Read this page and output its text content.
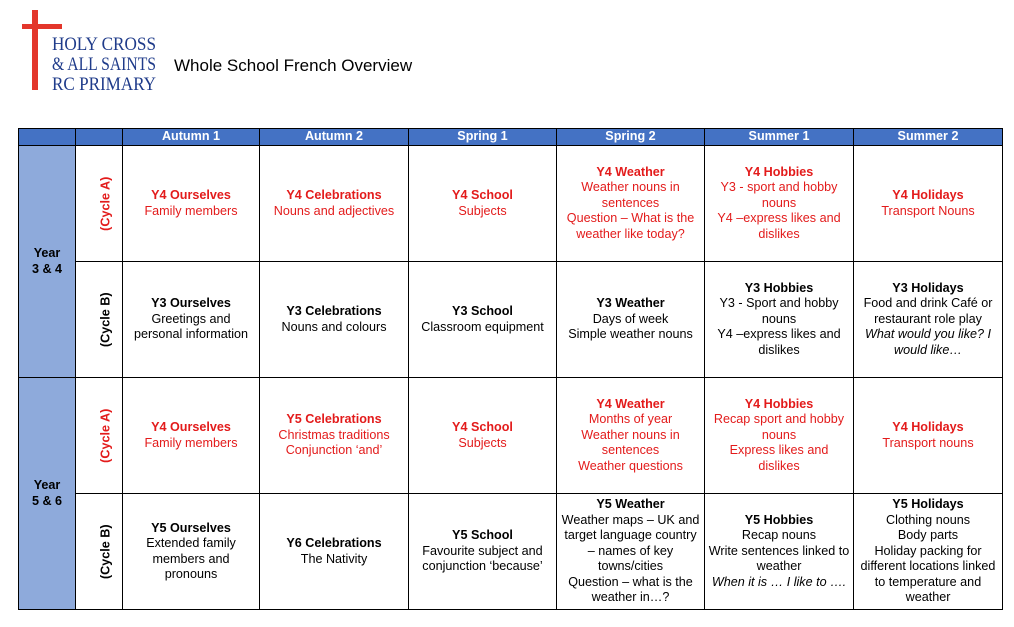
HOLY CROSS
& ALL SAINTS
RC PRIMARY
Whole School French Overview
		Autumn 1	Autumn 2	Spring 1	Spring 2	Summer 1	Summer 2

Year
3 & 4	(Cycle A)	Y4 Ourselves
Family members	Y4 Celebrations
Nouns and adjectives	Y4 School
Subjects	Y4 Weather
Weather nouns in sentences
Question – What is the weather like today?	Y4 Hobbies
Y3 - sport and hobby nouns
Y4 –express likes and dislikes	Y4 Holidays
Transport Nouns

	(Cycle B)	Y3 Ourselves
Greetings and personal information	Y3 Celebrations
Nouns and colours	Y3 School
Classroom equipment	Y3 Weather
Days of week
Simple weather nouns	Y3 Hobbies
Y3 - Sport and hobby nouns
Y4 –express likes and dislikes	Y3 Holidays
Food and drink Café or restaurant role play
What would you like? I would like…

Year
5 & 6	(Cycle A)	Y4 Ourselves
Family members	Y5 Celebrations
Christmas traditions
Conjunction ‘and’	Y4 School
Subjects	Y4 Weather
Months of year
Weather nouns in sentences
Weather questions	Y4 Hobbies
Recap sport and hobby nouns
Express likes and dislikes	Y4 Holidays
Transport nouns

	(Cycle B)	Y5 Ourselves
Extended family members and pronouns	Y6 Celebrations
The Nativity	Y5 School
Favourite subject and conjunction ‘because’	Y5 Weather
Weather maps – UK and target language country – names of key towns/cities
Question – what is the weather in…?	Y5 Hobbies
Recap nouns
Write sentences linked to weather
When it is … I like to ….	Y5 Holidays
Clothing nouns
Body parts
Holiday packing for different locations linked to temperature and weather
